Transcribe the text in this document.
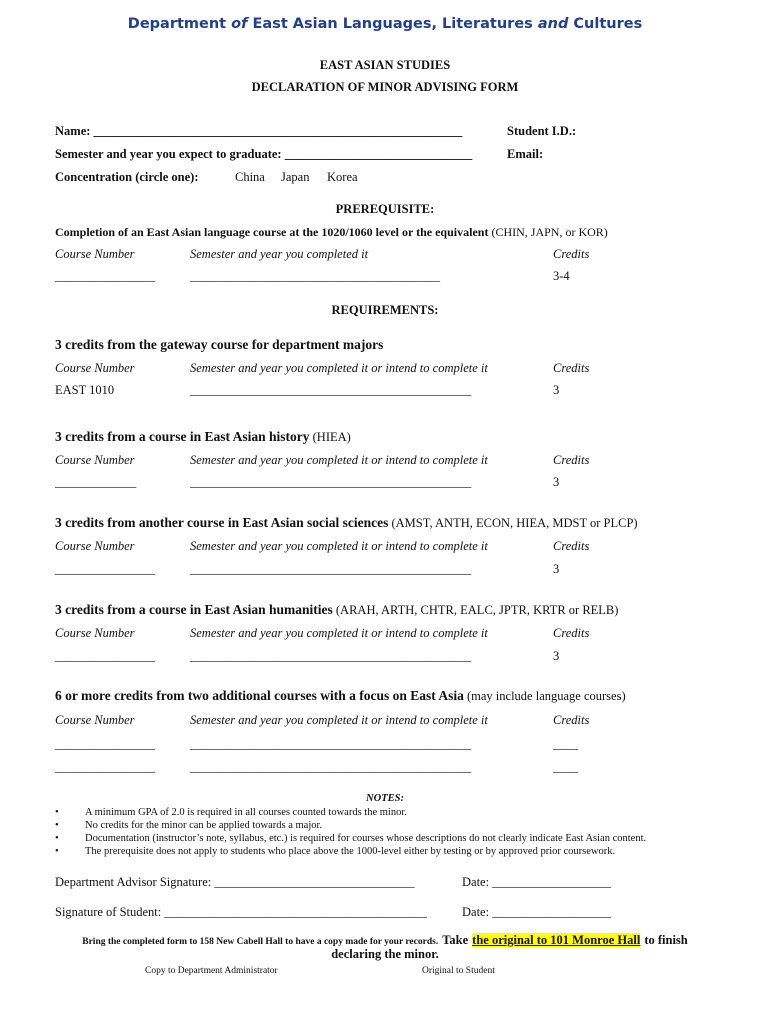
Department of East Asian Languages, Literatures and Cultures
EAST ASIAN STUDIES
DECLARATION OF MINOR ADVISING FORM
Name: ___________________________________________________________	Student I.D.:
Semester and year you expect to graduate: ______________________________	Email:
Concentration (circle one):	China Japan Korea
PREREQUISITE:
Completion of an East Asian language course at the 1020/1060 level or the equivalent (CHIN, JAPN, or KOR)
Course Number	Semester and year you completed it	Credits
________________	________________________________________	3-4
REQUIREMENTS:
3 credits from the gateway course for department majors
Course Number	Semester and year you completed it or intend to complete it	Credits
EAST 1010	_____________________________________________	3
3 credits from a course in East Asian history (HIEA)
Course Number	Semester and year you completed it or intend to complete it	Credits
_____________	_____________________________________________	3
3 credits from another course in East Asian social sciences (AMST, ANTH, ECON, HIEA, MDST or PLCP)
Course Number	Semester and year you completed it or intend to complete it	Credits
________________	_____________________________________________	3
3 credits from a course in East Asian humanities (ARAH, ARTH, CHTR, EALC, JPTR, KRTR or RELB)
Course Number	Semester and year you completed it or intend to complete it	Credits
________________	_____________________________________________	3
6 or more credits from two additional courses with a focus on East Asia (may include language courses)
Course Number	Semester and year you completed it or intend to complete it	Credits
________________	_____________________________________________	____
________________	_____________________________________________	____
NOTES:
•	A minimum GPA of 2.0 is required in all courses counted towards the minor.
•	No credits for the minor can be applied towards a major.
•	Documentation (instructor’s note, syllabus, etc.) is required for courses whose descriptions do not clearly indicate East Asian content.
•	The prerequisite does not apply to students who place above the 1000-level either by testing or by approved prior coursework.
Department Advisor Signature: ________________________________	Date: ___________________
Signature of Student: __________________________________________	Date: ___________________
Bring the completed form to 158 New Cabell Hall to have a copy made for your records. Take the original to 101 Monroe Hall to finish
declaring the minor.
Copy to Department Administrator	Original to Student
